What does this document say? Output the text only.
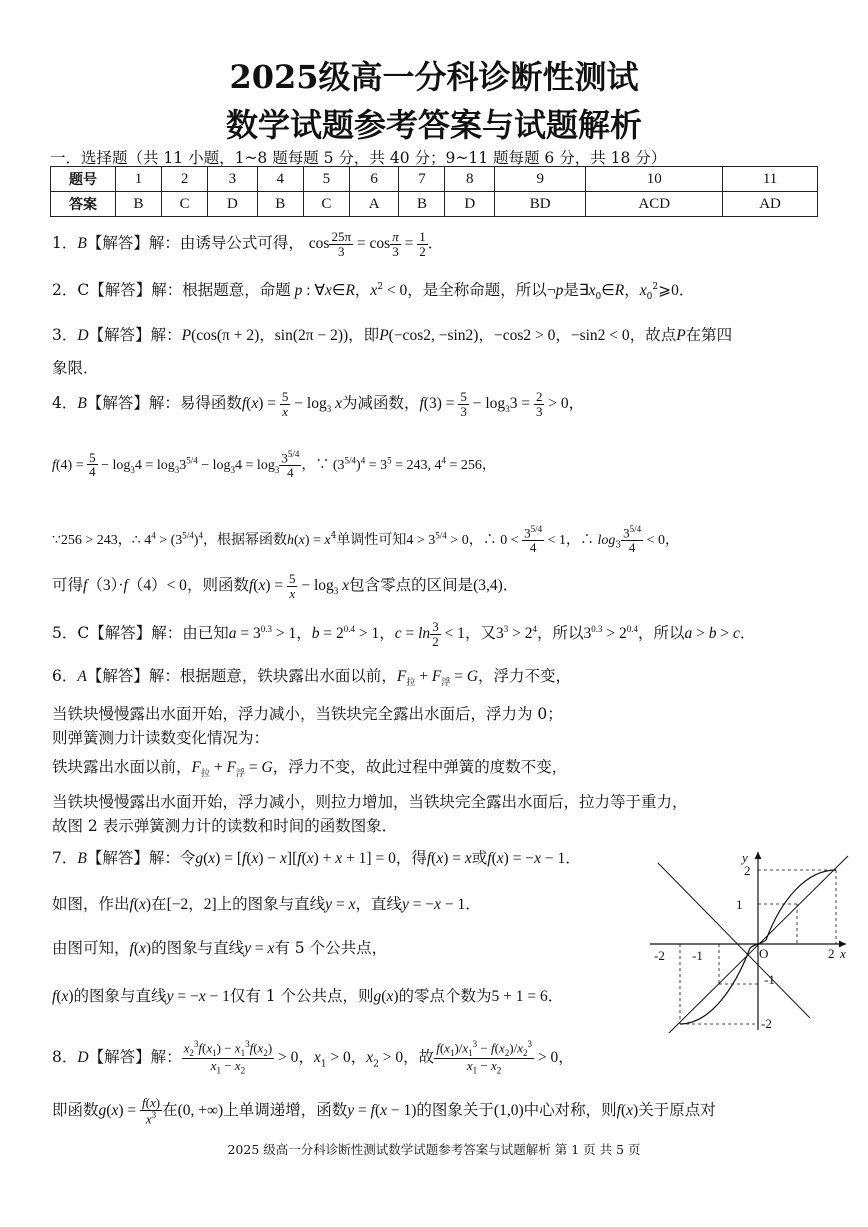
2025级高一分科诊断性测试
数学试题参考答案与试题解析
一．选择题（共 11 小题，1~8 题每题 5 分，共 40 分；9~11 题每题 6 分，共 18 分）
题号	1	2	3	4	5	6	7	8	9	10	11
答案	B	C	D	B	C	A	B	D	BD	ACD	AD
1．B【解答】解：由诱导公式可得， $\cos \frac{25\pi}{3} = \cos \frac{\pi}{3} = \frac{1}{2}$ ．
2．C【解答】解：根据题意，命题 p : ∀x∈R，$x^2 < 0$，是全称命题，所以¬p是$\exists x_0\in R$，$x_0^2⩾0$．
3．D【解答】解：P(cos(π + 2)，sin(2π − 2))，即P(−cos2, −sin2)，−cos2 > 0，−sin2 < 0，故点P在第四
象限．
4．B【解答】解：易得函数$f(x) = \frac{5}{x} - \log_3 x$为减函数，$f(3) = \frac{5}{3} - \log_33 = \frac{2}{3} > 0$，
$f(4) = \frac{5}{4} - \log_34 = \log_33^{5/4} - \log_34 = \log_3 \frac{3^{5/4}}{4}$ ，∵ $(3^{5/4})^4 = 3^5 = 243$, $4^4 = 256$，
∵256 > 243，∴ $4^4 > (3^{5/4})^4$，根据幂函数$h(x) = x^4$单调性可知$4 > 3^{5/4} > 0$，∴ $0 < \frac{3^{5/4}}{4} < 1$，∴ $\log_3 \frac{3^{5/4}}{4} < 0$，
可得f（3）·f（4）< 0，则函数$f(x) = \frac{5}{x} - \log_3 x$包含零点的区间是(3,4)．
5．C【解答】解：由已知$a = 3^{0.3} > 1$，$b = 2^{0.4} > 1$，$c = \ln \frac{3}{2} < 1$，又$3^3 > 2^4$，所以$3^{0.3} > 2^{0.4}$，所以a > b > c．
6．A【解答】解：根据题意，铁块露出水面以前，$F_拉 + F_浮 = G$，浮力不变，
当铁块慢慢露出水面开始，浮力减小，当铁块完全露出水面后，浮力为 0；
则弹簧测力计读数变化情况为：
铁块露出水面以前，$F_拉 + F_浮 = G$，浮力不变，故此过程中弹簧的度数不变，
当铁块慢慢露出水面开始，浮力减小，则拉力增加，当铁块完全露出水面后，拉力等于重力，
故图 2 表示弹簧测力计的读数和时间的函数图象．
7．B【解答】解：令g(x) = [f(x) − x][f(x) + x + 1] = 0，得f(x) = x或f(x) = −x − 1．
如图，作出f(x)在[−2，2]上的图象与直线y = x，直线y = −x − 1．
由图可知，f(x)的图象与直线y = x有 5 个公共点，
f(x)的图象与直线y = −x − 1仅有 1 个公共点，则g(x)的零点个数为5 + 1 = 6．
8．D【解答】解： $\frac{x_2^3f(x_1) - x_1^3f(x_2)}{x_1 - x_2} > 0$，$x_1 > 0$，$x_2 > 0$，故 $\frac{f(x_1)/x_1^3 - f(x_2)/x_2^3}{x_1 - x_2} > 0$，
即函数$g(x) = \frac{f(x)}{x^3}$ 在(0, +∞)上单调递增，函数y = f(x − 1)的图象关于(1,0)中心对称，则f(x)关于原点对
y
2
1
O
-1
-2
-2 -1	2 x
2025 级高一分科诊断性测试数学试题参考答案与试题解析 第 1 页 共 5 页
